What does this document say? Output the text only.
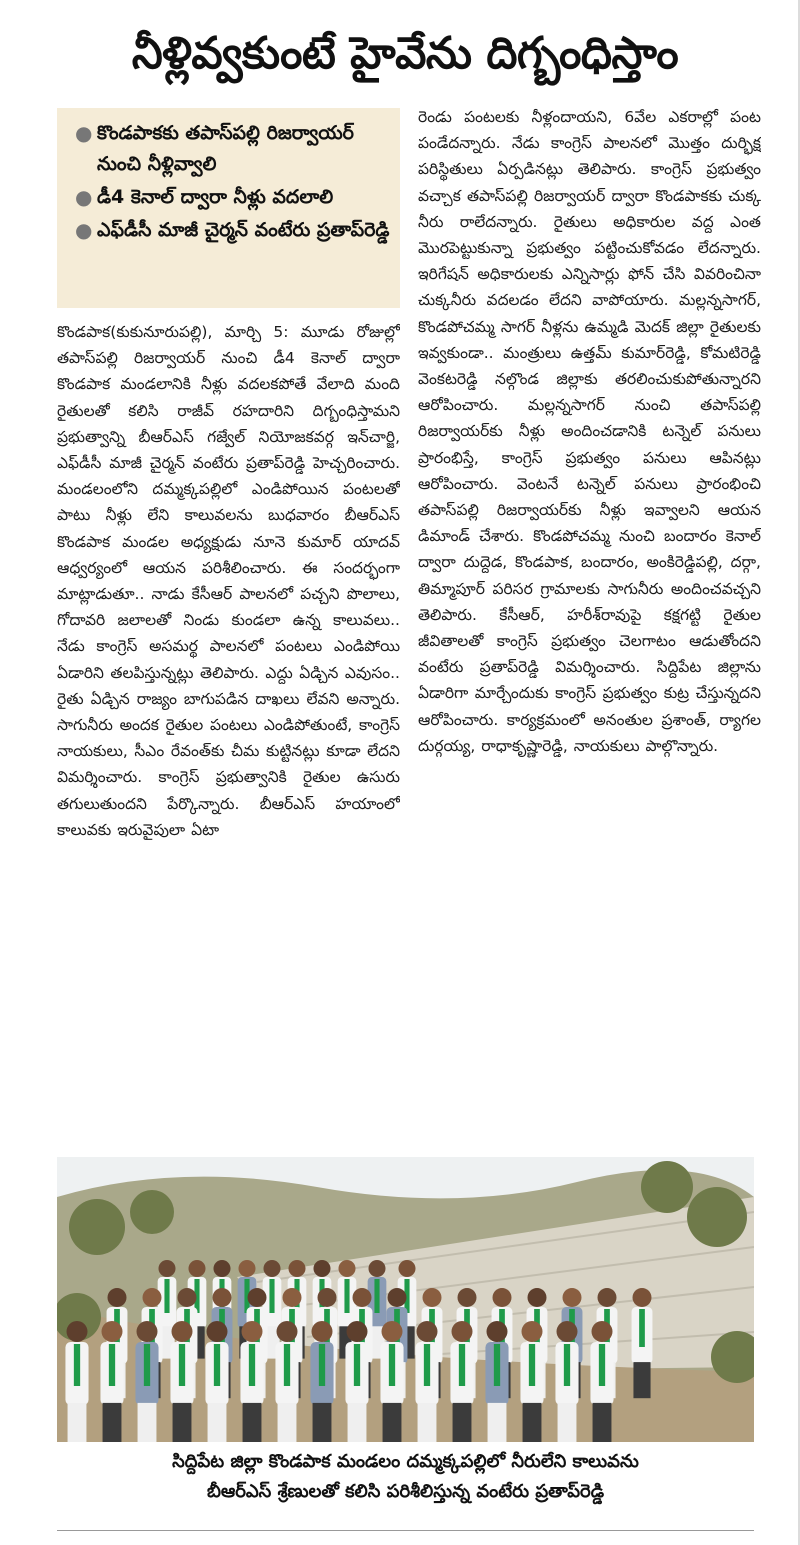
నీళ్లివ్వకుంటే హైవేను దిగ్బంధిస్తాం
● కొండపాకకు తపాస్‌పల్లి రిజర్వాయర్ నుంచి నీళ్లివ్వాలి
● డీ4 కెనాల్ ద్వారా నీళ్లు వదలాలి
● ఎఫ్‌డీసీ మాజీ చైర్మన్ వంటేరు ప్రతాప్‌రెడ్డి
కొండపాక(కుకునూరుపల్లి), మార్చి 5: మూడు రోజుల్లో తపాస్‌పల్లి రిజర్వాయర్ నుంచి డీ4 కెనాల్ ద్వారా కొండపాక మండలానికి నీళ్లు వదలకపోతే వేలాది మంది రైతులతో కలిసి రాజీవ్ రహదారిని దిగ్బంధిస్తామని ప్రభుత్వాన్ని బీఆర్‌ఎస్ గజ్వేల్ నియోజకవర్గ ఇన్‌చార్జి, ఎఫ్‌డీసీ మాజీ చైర్మన్ వంటేరు ప్రతాప్‌రెడ్డి హెచ్చరించారు. మండలంలోని దమ్మక్కపల్లిలో ఎండిపోయిన పంటలతో పాటు నీళ్లు లేని కాలువలను బుధవారం బీఆర్‌ఎస్ కొండపాక మండల అధ్యక్షుడు నూనె కుమార్ యాదవ్ ఆధ్వర్యంలో ఆయన పరిశీలించారు. ఈ సందర్భంగా మాట్లాడుతూ.. నాడు కేసీఆర్ పాలనలో పచ్చని పొలాలు, గోదావరి జలాలతో నిండు కుండలా ఉన్న కాలువలు.. నేడు కాంగ్రెస్ అసమర్థ పాలనలో పంటలు ఎండిపోయి ఏడారిని తలపిస్తున్నట్లు తెలిపారు. ఎద్దు ఏడ్చిన ఎవుసం.. రైతు ఏడ్చిన రాజ్యం బాగుపడిన దాఖలు లేవని అన్నారు. సాగునీరు అందక రైతుల పంటలు ఎండిపోతుంటే, కాంగ్రెస్ నాయకులు, సీఎం రేవంత్‌కు చీమ కుట్టినట్లు కూడా లేదని విమర్శించారు. కాంగ్రెస్ ప్రభుత్వానికి రైతుల ఉసురు తగులుతుందని పేర్కొన్నారు. బీఆర్‌ఎస్ హయాంలో కాలువకు ఇరువైపులా ఏటా
రెండు పంటలకు నీళ్లందాయని, 6వేల ఎకరాల్లో పంట పండేదన్నారు. నేడు కాంగ్రెస్ పాలనలో మొత్తం దుర్భిక్ష పరిస్థితులు ఏర్పడినట్లు తెలిపారు. కాంగ్రెస్ ప్రభుత్వం వచ్చాక తపాస్‌పల్లి రిజర్వాయర్ ద్వారా కొండపాకకు చుక్క నీరు రాలేదన్నారు. రైతులు అధికారుల వద్ద ఎంత మొరపెట్టుకున్నా ప్రభుత్వం పట్టించుకోవడం లేదన్నారు. ఇరిగేషన్ అధికారులకు ఎన్నిసార్లు ఫోన్ చేసి వివరించినా చుక్కనీరు వదలడం లేదని వాపోయారు. మల్లన్నసాగర్, కొండపోచమ్మ సాగర్ నీళ్లను ఉమ్మడి మెదక్ జిల్లా రైతులకు ఇవ్వకుండా.. మంత్రులు ఉత్తమ్ కుమార్‌రెడ్డి, కోమటిరెడ్డి వెంకటరెడ్డి నల్గొండ జిల్లాకు తరలించుకుపోతున్నారని ఆరోపించారు. మల్లన్నసాగర్ నుంచి తపాస్‌పల్లి రిజర్వాయర్‌కు నీళ్లు అందించడానికి టన్నెల్ పనులు ప్రారంభిస్తే, కాంగ్రెస్ ప్రభుత్వం పనులు ఆపినట్లు ఆరోపించారు. వెంటనే టన్నెల్ పనులు ప్రారంభించి తపాస్‌పల్లి రిజర్వాయర్‌కు నీళ్లు ఇవ్వాలని ఆయన డిమాండ్ చేశారు. కొండపోచమ్మ నుంచి బందారం కెనాల్ ద్వారా దుద్దెడ, కొండపాక, బందారం, అంకిరెడ్డిపల్లి, దర్గా, తిమ్మాపూర్ పరిసర గ్రామాలకు సాగునీరు అందించవచ్చని తెలిపారు. కేసీఆర్, హరీశ్‌రావుపై కక్షగట్టి రైతుల జీవితాలతో కాంగ్రెస్ ప్రభుత్వం చెలగాటం ఆడుతోందని వంటేరు ప్రతాప్‌రెడ్డి విమర్శించారు. సిద్దిపేట జిల్లాను ఏడారిగా మార్చేందుకు కాంగ్రెస్ ప్రభుత్వం కుట్ర చేస్తున్నదని ఆరోపించారు. కార్యక్రమంలో అనంతుల ప్రశాంత్, ర్యాగల దుర్గయ్య, రాధాకృష్ణారెడ్డి, నాయకులు పాల్గొన్నారు.
సిద్దిపేట జిల్లా కొండపాక మండలం దమ్మక్కపల్లిలో నీరులేని కాలువను
బీఆర్‌ఎస్ శ్రేణులతో కలిసి పరిశీలిస్తున్న వంటేరు ప్రతాప్‌రెడ్డి
